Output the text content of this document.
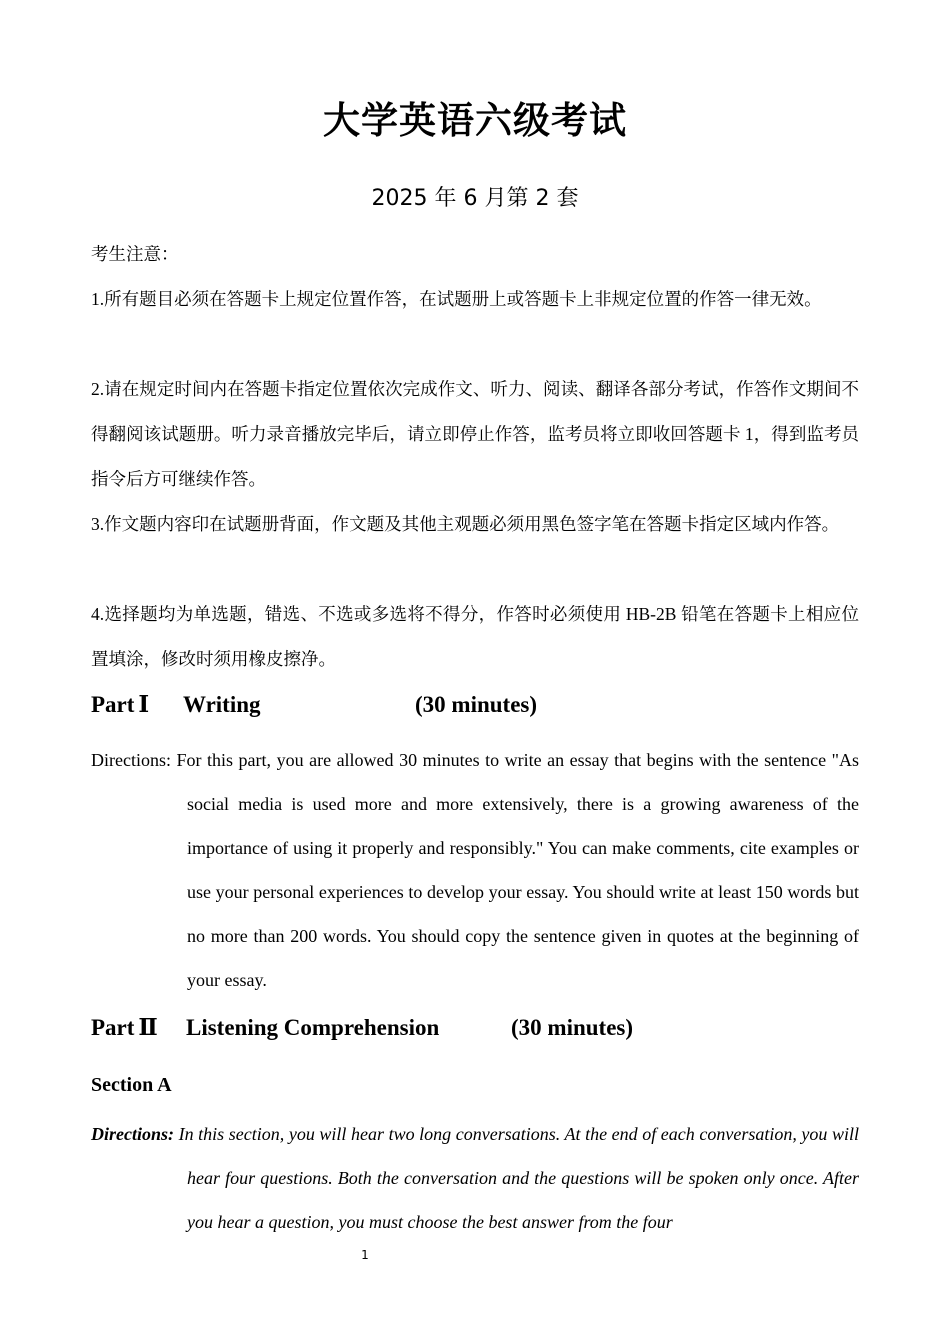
大学英语六级考试
2025 年 6 月第 2 套
考生注意：
1.所有题目必须在答题卡上规定位置作答，在试题册上或答题卡上非规定位置的作答一律无效。
2.请在规定时间内在答题卡指定位置依次完成作文、听力、阅读、翻译各部分考试，作答作文期间不得翻阅该试题册。听力录音播放完毕后，请立即停止作答，监考员将立即收回答题卡 1，得到监考员指令后方可继续作答。
3.作文题内容印在试题册背面，作文题及其他主观题必须用黑色签字笔在答题卡指定区域内作答。
4.选择题均为单选题，错选、不选或多选将不得分，作答时必须使用 HB-2B 铅笔在答题卡上相应位置填涂，修改时须用橡皮擦净。
Part Ⅰ Writing	(30 minutes)
Directions: For this part, you are allowed 30 minutes to write an essay that begins with the sentence "As social media is used more and more extensively, there is a growing awareness of the importance of using it properly and responsibly." You can make comments, cite examples or use your personal experiences to develop your essay. You should write at least 150 words but no more than 200 words. You should copy the sentence given in quotes at the beginning of your essay.
Part Ⅱ Listening Comprehension	(30 minutes)
Section A
Directions: In this section, you will hear two long conversations. At the end of each conversation, you will hear four questions. Both the conversation and the questions will be spoken only once. After you hear a question, you must choose the best answer from the four
1
